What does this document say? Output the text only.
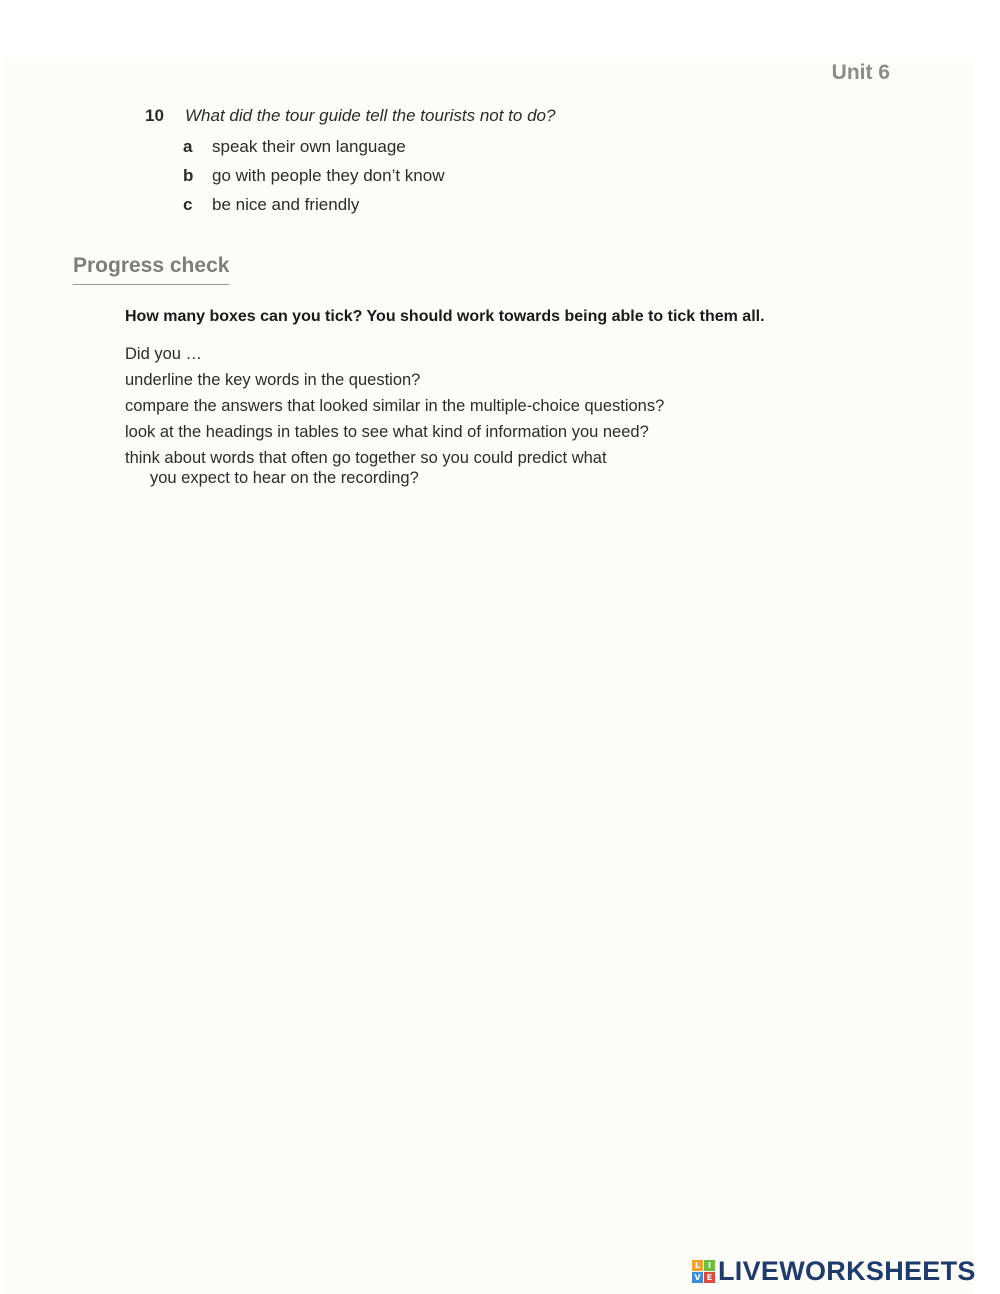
Unit 6
10 What did the tour guide tell the tourists not to do?
a speak their own language
b go with people they don’t know
c be nice and friendly
Progress check
How many boxes can you tick? You should work towards being able to tick them all.
Did you …
underline the key words in the question?
compare the answers that looked similar in the multiple-choice questions?
look at the headings in tables to see what kind of information you need?
think about words that often go together so you could predict what
you expect to hear on the recording?
L I
V E LIVEWORKSHEETS
